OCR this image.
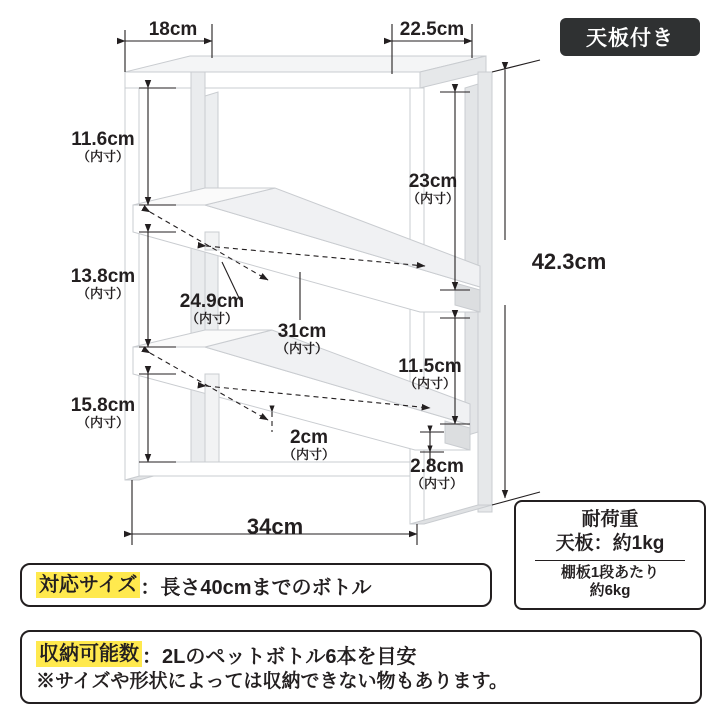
18cm	22.5cm
11.6cm
（内寸）
13.8cm
（内寸）
15.8cm
（内寸）
23cm
（内寸）
11.5cm
（内寸）
2.8cm
（内寸）
24.9cm
（内寸）
31cm
（内寸）
2cm
（内寸）
42.3cm
34cm
天板付き
耐荷重
天板：約1kg
棚板1段あたり
約6kg
対応サイズ ：長さ40cmまでのボトル
収納可能数 ：2Lのペットボトル6本を目安
※サイズや形状によっては収納できない物もあります。
